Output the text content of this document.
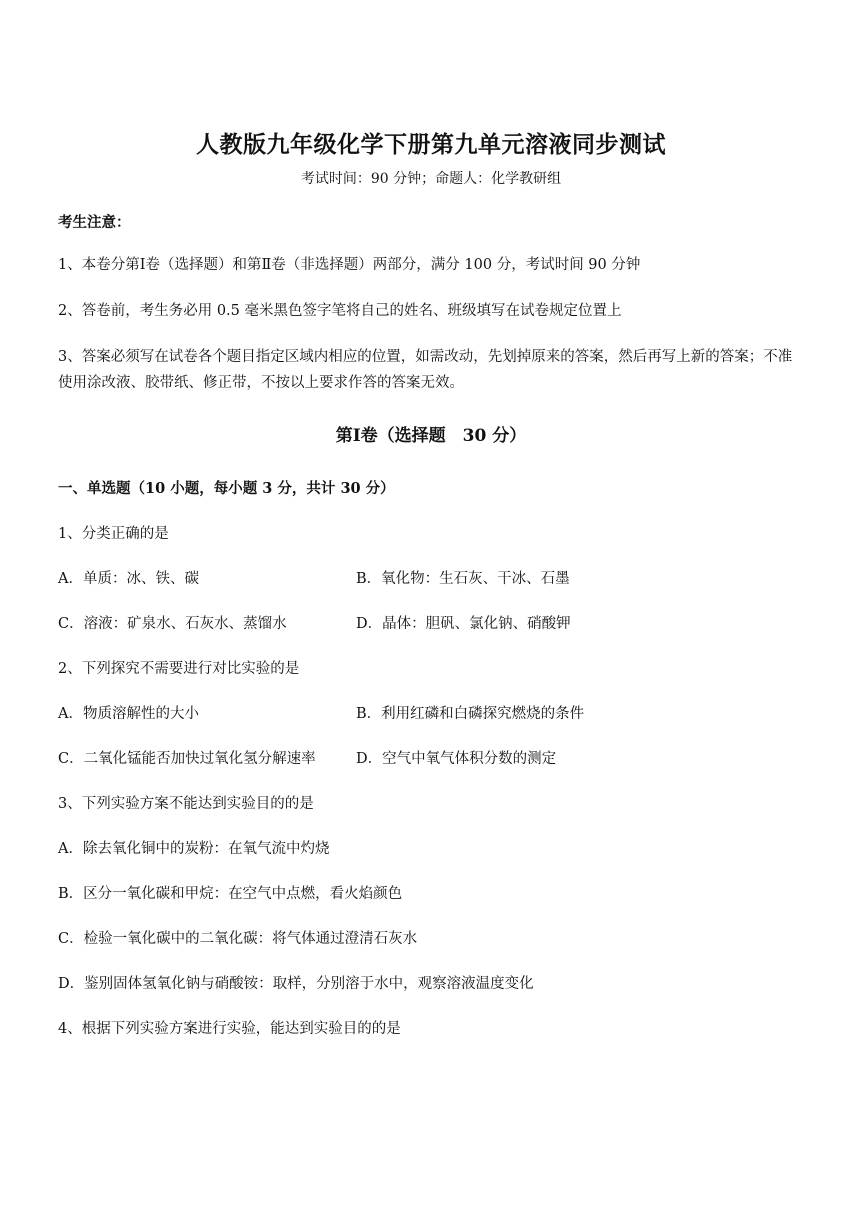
人教版九年级化学下册第九单元溶液同步测试
考试时间：90 分钟；命题人：化学教研组
考生注意：
1、本卷分第Ⅰ卷（选择题）和第Ⅱ卷（非选择题）两部分，满分 100 分，考试时间 90 分钟
2、答卷前，考生务必用 0.5 毫米黑色签字笔将自己的姓名、班级填写在试卷规定位置上
3、答案必须写在试卷各个题目指定区域内相应的位置，如需改动，先划掉原来的答案，然后再写上新的答案；不准使用涂改液、胶带纸、修正带，不按以上要求作答的答案无效。
第Ⅰ卷（选择题　30 分）
一、单选题（10 小题，每小题 3 分，共计 30 分）
1、分类正确的是
A．单质：冰、铁、碳	B．氧化物：生石灰、干冰、石墨
C．溶液：矿泉水、石灰水、蒸馏水	D．晶体：胆矾、氯化钠、硝酸钾
2、下列探究不需要进行对比实验的是
A．物质溶解性的大小	B．利用红磷和白磷探究燃烧的条件
C．二氧化锰能否加快过氧化氢分解速率	D．空气中氧气体积分数的测定
3、下列实验方案不能达到实验目的的是
A．除去氧化铜中的炭粉：在氧气流中灼烧
B．区分一氧化碳和甲烷：在空气中点燃，看火焰颜色
C．检验一氧化碳中的二氧化碳：将气体通过澄清石灰水
D．鉴别固体氢氧化钠与硝酸铵：取样，分别溶于水中，观察溶液温度变化
4、根据下列实验方案进行实验，能达到实验目的的是
